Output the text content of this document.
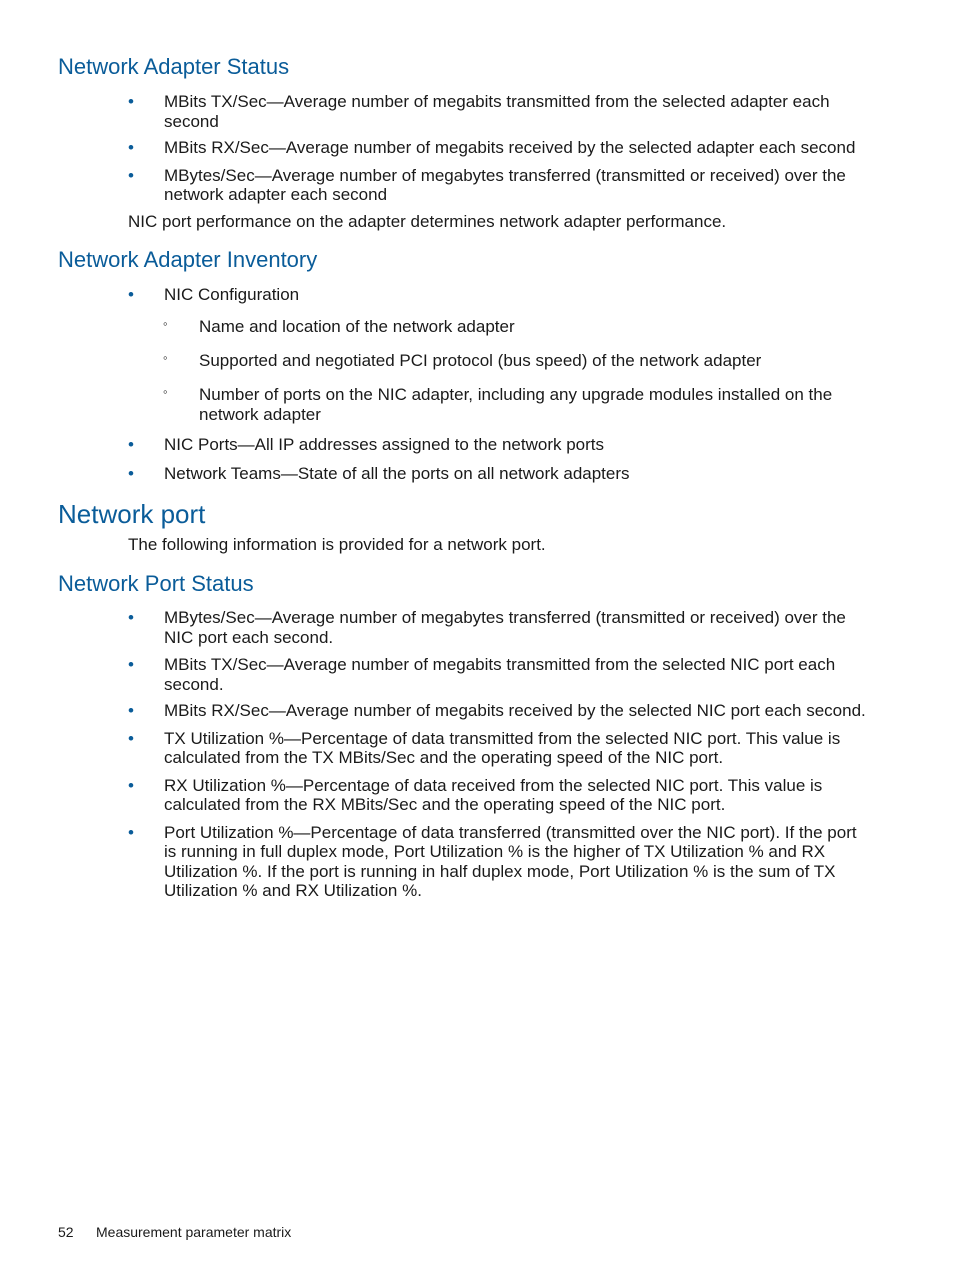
Network Adapter Status
• MBits TX/Sec—Average number of megabits transmitted from the selected adapter each second
• MBits RX/Sec—Average number of megabits received by the selected adapter each second
• MBytes/Sec—Average number of megabytes transferred (transmitted or received) over the network adapter each second

NIC port performance on the adapter determines network adapter performance.

Network Adapter Inventory
• NIC Configuration
◦	Name and location of the network adapter
◦	Supported and negotiated PCI protocol (bus speed) of the network adapter
◦	Number of ports on the NIC adapter, including any upgrade modules installed on the network adapter
• NIC Ports—All IP addresses assigned to the network ports
• Network Teams—State of all the ports on all network adapters
Network port

The following information is provided for a network port.

Network Port Status
• MBytes/Sec—Average number of megabytes transferred (transmitted or received) over the NIC port each second.
• MBits TX/Sec—Average number of megabits transmitted from the selected NIC port each second.
• MBits RX/Sec—Average number of megabits received by the selected NIC port each second.
• TX Utilization %—Percentage of data transmitted from the selected NIC port. This value is calculated from the TX MBits/Sec and the operating speed of the NIC port.
• RX Utilization %—Percentage of data received from the selected NIC port. This value is calculated from the RX MBits/Sec and the operating speed of the NIC port.
• Port Utilization %—Percentage of data transferred (transmitted over the NIC port). If the port is running in full duplex mode, Port Utilization % is the higher of TX Utilization % and RX Utilization %. If the port is running in half duplex mode, Port Utilization % is the sum of TX Utilization % and RX Utilization %.
52 Measurement parameter matrix
